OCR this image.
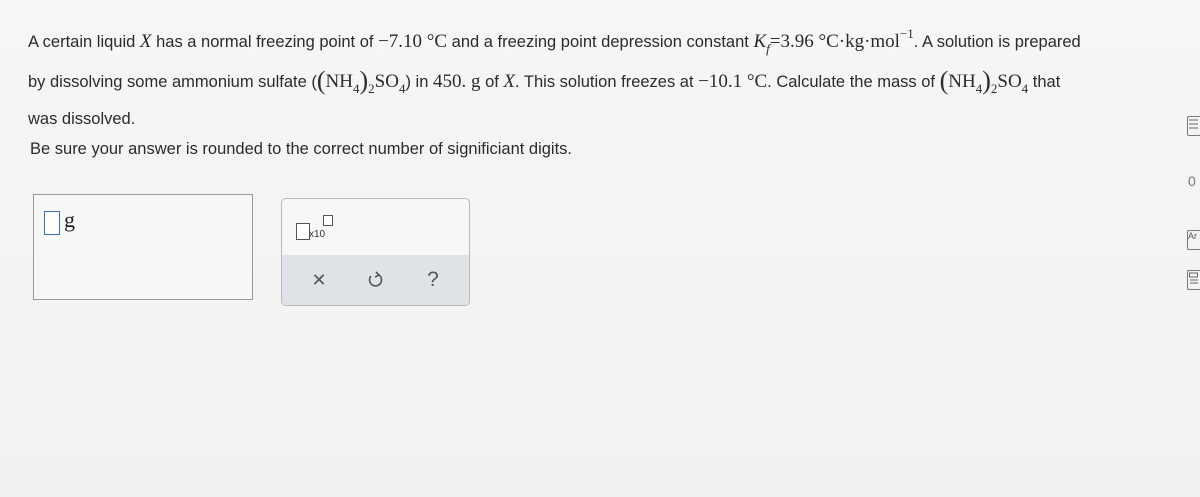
A certain liquid X has a normal freezing point of −7.10 °C and a freezing point depression constant $K_f=3.96$ °C·kg·mol$^{-1}$. A solution is prepared
by dissolving some ammonium sulfate $((NH_4)_2SO_4)$ in 450. g of X. This solution freezes at −10.1 °C. Calculate the mass of $(NH_4)_2SO_4$ that
was dissolved.
Be sure your answer is rounded to the correct number of significiant digits.
g
x10
✕	?
0
Ar
